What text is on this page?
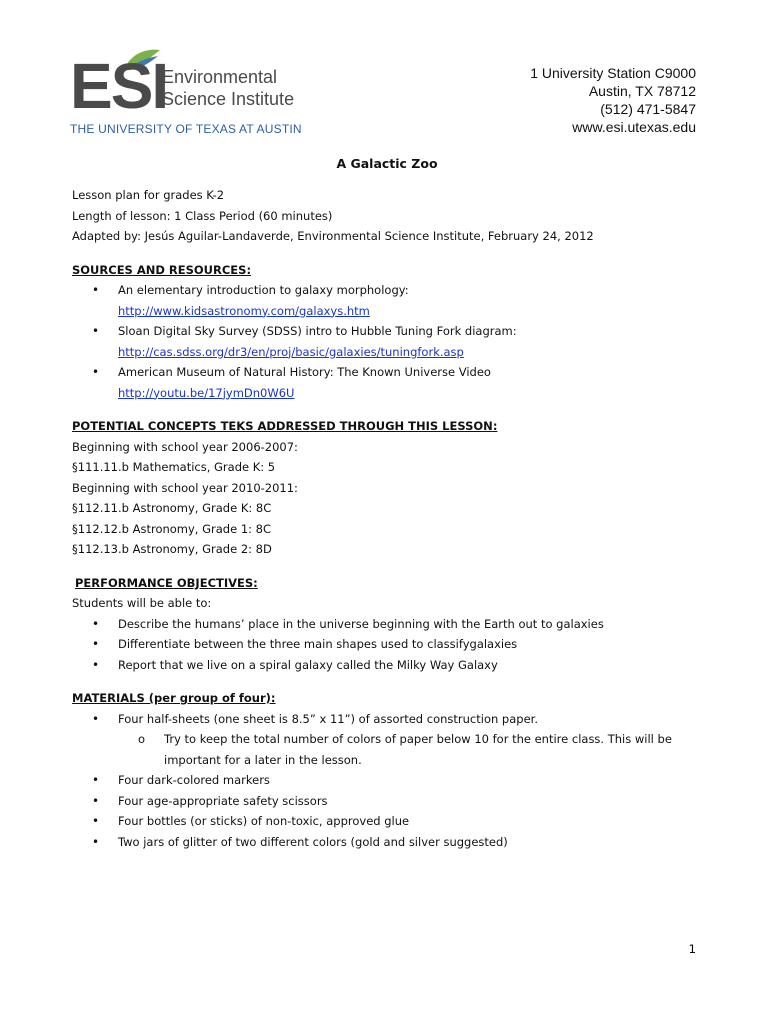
ESI
Environmental
Science Institute
THE UNIVERSITY OF TEXAS AT AUSTIN
1 University Station C9000
Austin, TX 78712
(512) 471-5847
www.esi.utexas.edu

A Galactic Zoo

Lesson plan for grades K-2

Length of lesson: 1 Class Period (60 minutes)

Adapted by: Jesús Aguilar-Landaverde, Environmental Science Institute, February 24, 2012

SOURCES AND RESOURCES:

• An elementary introduction to galaxy morphology:
http://www.kidsastronomy.com/galaxys.htm
• Sloan Digital Sky Survey (SDSS) intro to Hubble Tuning Fork diagram:
http://cas.sdss.org/dr3/en/proj/basic/galaxies/tuningfork.asp
• American Museum of Natural History: The Known Universe Video
http://youtu.be/17jymDn0W6U

POTENTIAL CONCEPTS TEKS ADDRESSED THROUGH THIS LESSON:

Beginning with school year 2006-2007:

§111.11.b Mathematics, Grade K: 5

Beginning with school year 2010-2011:

§112.11.b Astronomy, Grade K: 8C

§112.12.b Astronomy, Grade 1: 8C

§112.13.b Astronomy, Grade 2: 8D

PERFORMANCE OBJECTIVES:

Students will be able to:

• Describe the humans’ place in the universe beginning with the Earth out to galaxies
• Differentiate between the three main shapes used to classifygalaxies
• Report that we live on a spiral galaxy called the Milky Way Galaxy

MATERIALS (per group of four):

• Four half-sheets (one sheet is 8.5” x 11”) of assorted construction paper.
o Try to keep the total number of colors of paper below 10 for the entire class. This will be important for a later in the lesson.
• Four dark-colored markers
• Four age-appropriate safety scissors
• Four bottles (or sticks) of non-toxic, approved glue
• Two jars of glitter of two different colors (gold and silver suggested)
1
